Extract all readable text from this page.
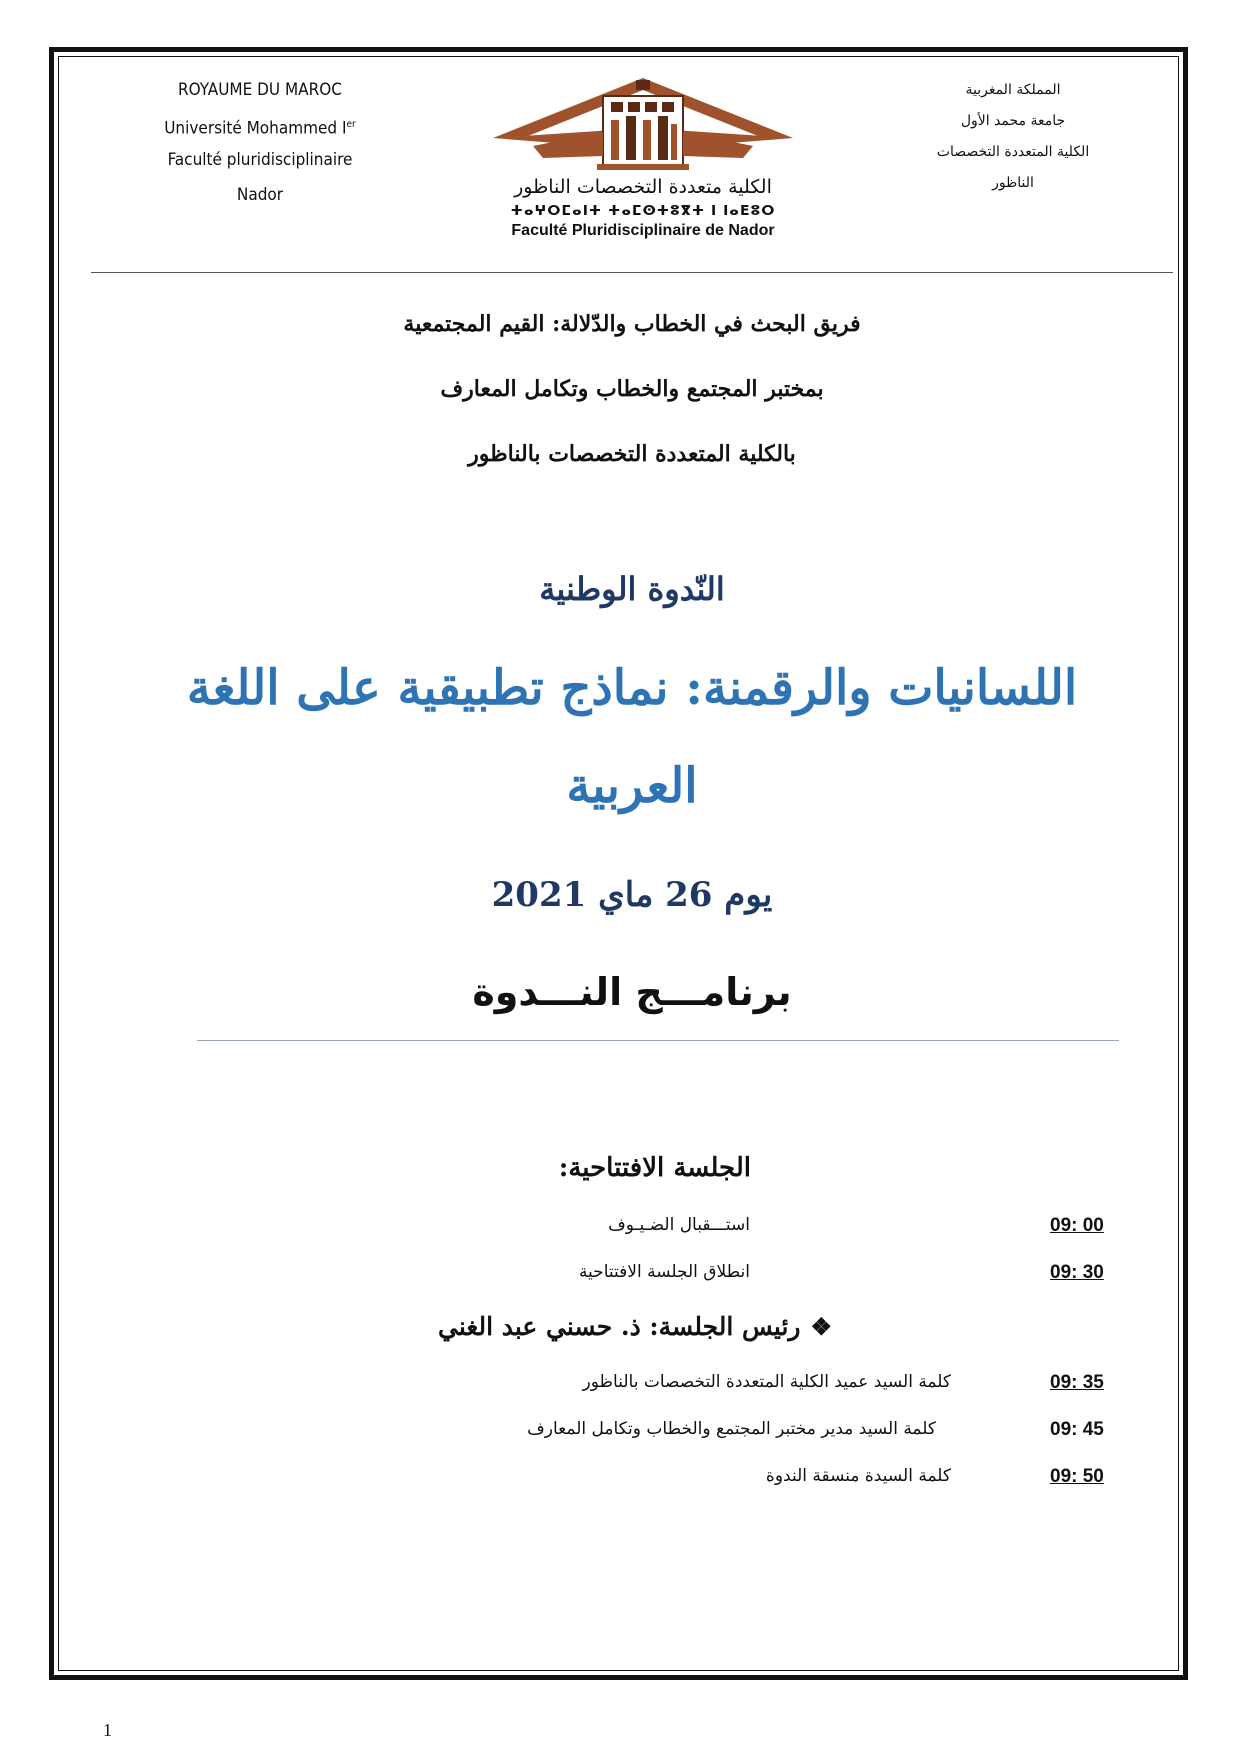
ROYAUME DU MAROC
Université Mohammed Ier
Faculté pluridisciplinaire
Nador	الكلية متعددة التخصصات الناظور
ⵜⴰⵖⵔⵎⴰⵏⵜ ⵜⴰⵎⵙⵜⵓⴳⵜ ⵏ ⵏⴰⴹⵓⵔ
Faculté Pluridisciplinaire de Nador
المملكة المغربية
جامعة محمد الأول
الكلية المتعددة التخصصات
الناظور
فريق البحث في الخطاب والدّلالة: القيم المجتمعية
بمختبر المجتمع والخطاب وتكامل المعارف
بالكلية المتعددة التخصصات بالناظور
النّدوة الوطنية
اللسانيات والرقمنة: نماذج تطبيقية على اللغة
العربية
يوم 26 ماي 2021
برنامـــج النـــدوة
الجلسة الافتتاحية:
09: 00
استـــقبال الضـيـوف
09: 30
انطلاق الجلسة الافتتاحية
❖رئيس الجلسة: ذ. حسني عبد الغني
09: 35
كلمة السيد عميد الكلية المتعددة التخصصات بالناظور
09: 45
كلمة السيد مدير مختبر المجتمع والخطاب وتكامل المعارف
09: 50
كلمة السيدة منسقة الندوة
1
